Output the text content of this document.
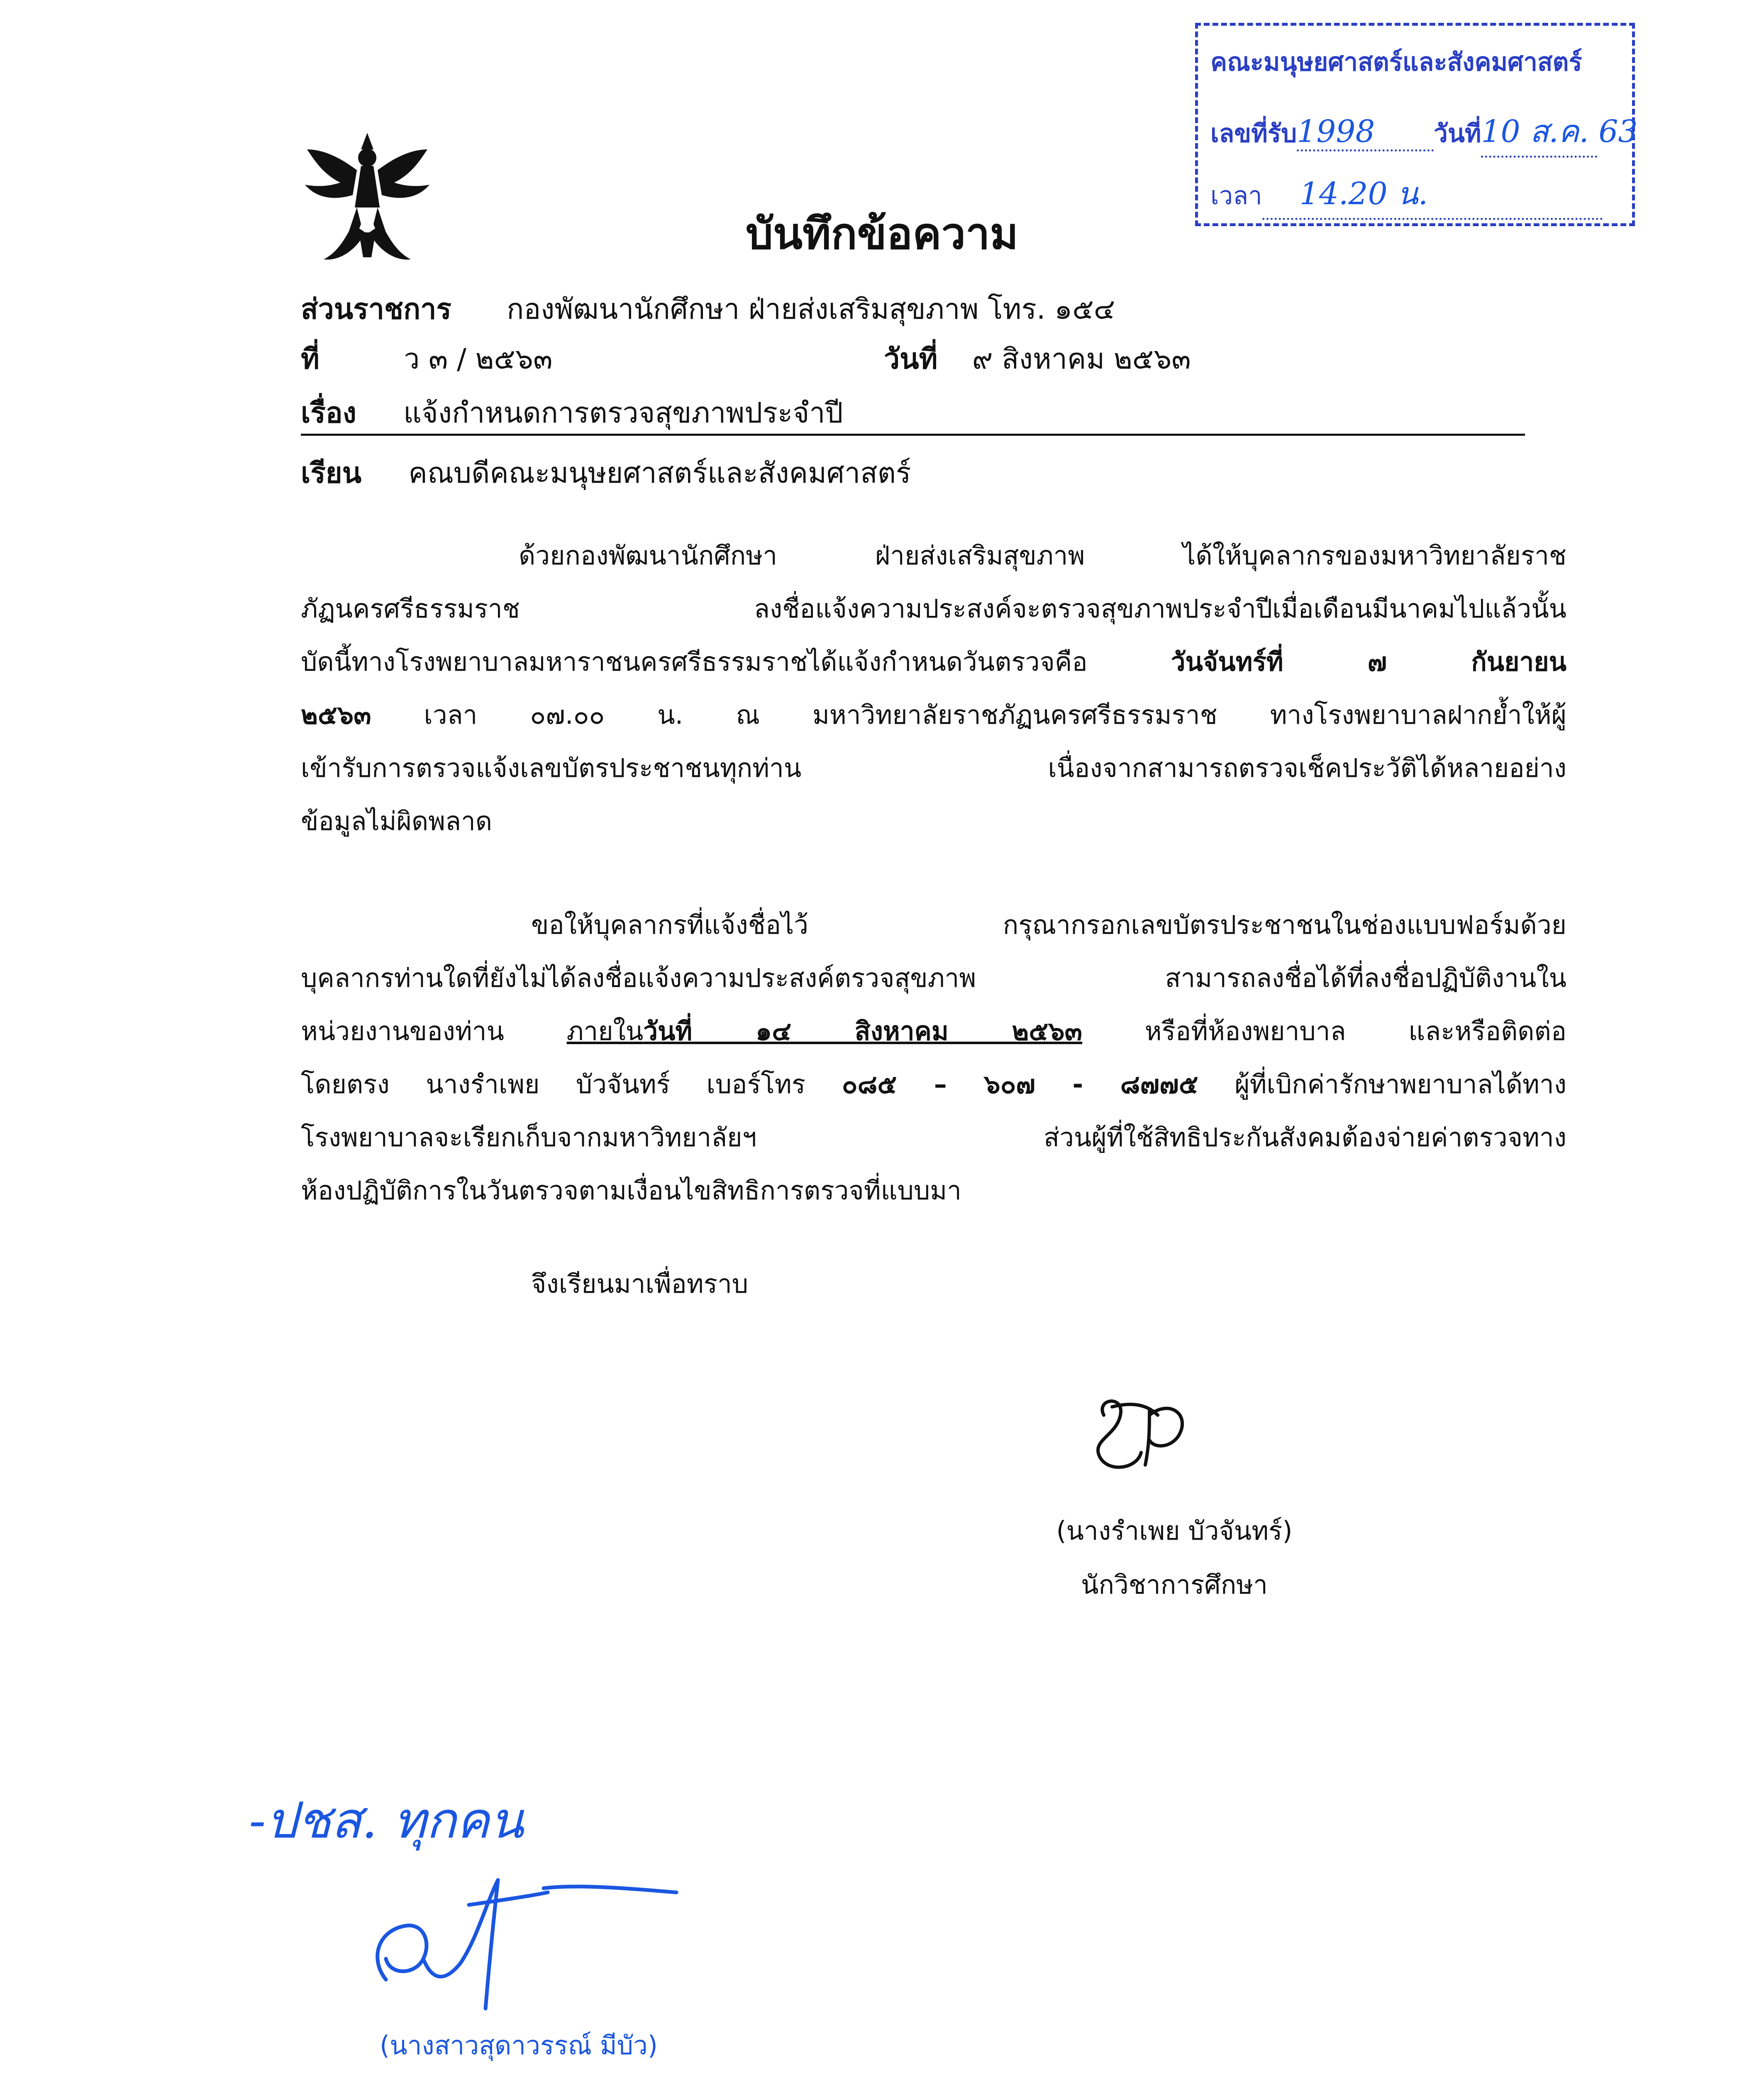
คณะมนุษยศาสตร์และสังคมศาสตร์
เลขที่รับ1998 วันที่10 ส.ค. 63
เวลา 14.20 น.
บันทึกข้อความ
ส่วนราชการ กองพัฒนานักศึกษา ฝ่ายส่งเสริมสุขภาพ โทร. ๑๕๔
ที่	ว ๓ / ๒๕๖๓	วันที่ ๙ สิงหาคม ๒๕๖๓
เรื่อง แจ้งกำหนดการตรวจสุขภาพประจำปี
เรียน คณบดีคณะมนุษยศาสตร์และสังคมศาสตร์
ด้วยกองพัฒนานักศึกษา ฝ่ายส่งเสริมสุขภาพ ได้ให้บุคลากรของมหาวิทยาลัยราช
ภัฏนครศรีธรรมราช ลงชื่อแจ้งความประสงค์จะตรวจสุขภาพประจำปีเมื่อเดือนมีนาคมไปแล้วนั้น
บัดนี้ทางโรงพยาบาลมหาราชนครศรีธรรมราชได้แจ้งกำหนดวันตรวจคือ วันจันทร์ที่ ๗ กันยายน
๒๕๖๓ เวลา ๐๗.๐๐ น. ณ มหาวิทยาลัยราชภัฏนครศรีธรรมราช ทางโรงพยาบาลฝากย้ำให้ผู้
เข้ารับการตรวจแจ้งเลขบัตรประชาชนทุกท่าน เนื่องจากสามารถตรวจเช็คประวัติได้หลายอย่าง
ข้อมูลไม่ผิดพลาด
ขอให้บุคลากรที่แจ้งชื่อไว้ กรุณากรอกเลขบัตรประชาชนในช่องแบบฟอร์มด้วย
บุคลากรท่านใดที่ยังไม่ได้ลงชื่อแจ้งความประสงค์ตรวจสุขภาพ สามารถลงชื่อได้ที่ลงชื่อปฏิบัติงานใน
หน่วยงานของท่าน ภายในวันที่ ๑๔ สิงหาคม ๒๕๖๓ หรือที่ห้องพยาบาล และหรือติดต่อ
โดยตรง นางรำเพย บัวจันทร์ เบอร์โทร ๐๘๕ – ๖๐๗ - ๘๗๗๕ ผู้ที่เบิกค่ารักษาพยาบาลได้ทาง
โรงพยาบาลจะเรียกเก็บจากมหาวิทยาลัยฯ ส่วนผู้ที่ใช้สิทธิประกันสังคมต้องจ่ายค่าตรวจทาง
ห้องปฏิบัติการในวันตรวจตามเงื่อนไขสิทธิการตรวจที่แบบมา
จึงเรียนมาเพื่อทราบ
(นางรำเพย บัวจันทร์)
นักวิชาการศึกษา
-ปชส. ทุกคน
(นางสาวสุดาวรรณ์ มีบัว)
